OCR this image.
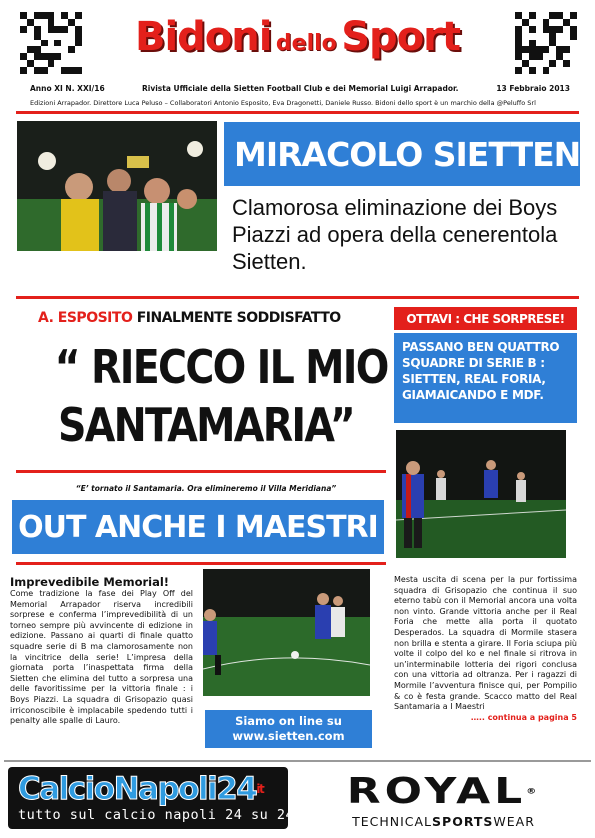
Bidoni dello Sport
Anno XI N. XXI/16	Rivista Ufficiale della Sietten Football Club e dei Memorial Luigi Arrapador.	13 Febbraio 2013
Edizioni Arrapador. Direttore Luca Peluso – Collaboratori Antonio Esposito, Eva Dragonetti, Daniele Russo. Bidoni dello sport è un marchio della @Peluffo Srl
MIRACOLO SIETTEN
Clamorosa eliminazione dei Boys Piazzi ad opera della cenerentola Sietten.
A. ESPOSITO FINALMENTE SODDISFATTO
“ RIECCO IL MIO
SANTAMARIA”
“E’ tornato il Santamaria. Ora elimineremo il Villa Meridiana”
OUT ANCHE I MAESTRI
OTTAVI : CHE SORPRESE!
PASSANO BEN QUATTRO SQUADRE DI SERIE B : SIETTEN, REAL FORIA, GIAMAICANDO E MDF.
Imprevedibile Memorial!
Come tradizione la fase dei Play Off del Memorial Arrapador riserva incredibili sorprese e conferma l’imprevedibilità di un torneo sempre più avvincente di edizione in edizione. Passano ai quarti di finale quatto squadre serie di B ma clamorosamente non la vincitrice della serie! L’impresa della giornata porta l’inaspettata firma della Sietten che elimina del tutto a sorpresa una delle favoritissime per la vittoria finale : i Boys Piazzi. La squadra di Grisopazio quasi irriconoscibile è implacabile spedendo tutti i penalty alle spalle di Lauro.	Siamo on line su
www.sietten.com
Mesta uscita di scena per la pur fortissima squadra di Grisopazio che continua il suo eterno tabù con il Memorial ancora una volta non vinto. Grande vittoria anche per il Real Foria che mette alla porta il quotato Desperados. La squadra di Mormile stasera non brilla e stenta a girare. Il Foria sciupa più volte il colpo del ko e nel finale si ritrova in un’interminabile lotteria dei rigori conclusa con una vittoria ad oltranza. Per i ragazzi di Mormile l’avventura finisce qui, per Pompilio & co è festa grande. Scacco matto del Real Santamaria a I Maestri
….. continua a pagina 5
$CalcioNapoli24^{it}$
tutto sul calcio napoli 24 su 24
ROYAL®
TECHNICALSPORTSWEAR
